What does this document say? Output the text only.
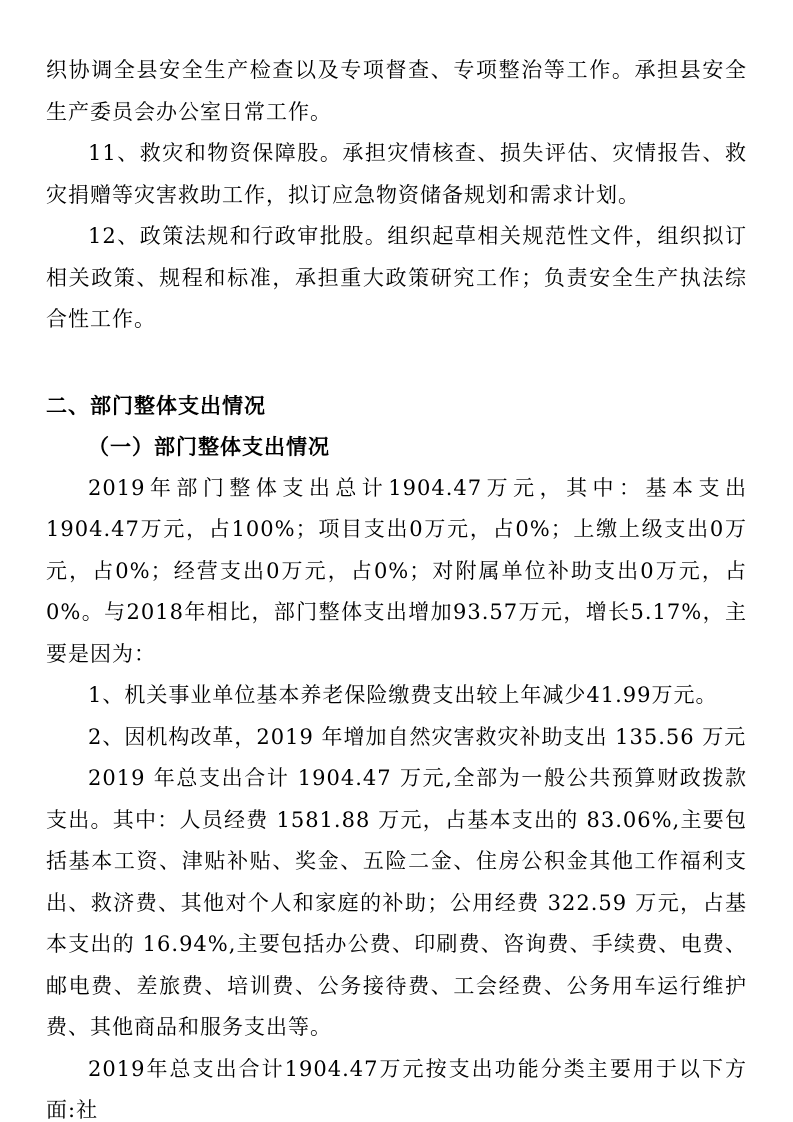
织协调全县安全生产检查以及专项督查、专项整治等工作。承担县安全生产委员会办公室日常工作。

11、救灾和物资保障股。承担灾情核查、损失评估、灾情报告、救灾捐赠等灾害救助工作，拟订应急物资储备规划和需求计划。

12、政策法规和行政审批股。组织起草相关规范性文件，组织拟订相关政策、规程和标准，承担重大政策研究工作；负责安全生产执法综合性工作。

二、部门整体支出情况

（一）部门整体支出情况

2019年部门整体支出总计1904.47万元，其中：基本支出1904.47万元，占100%；项目支出0万元，占0%；上缴上级支出0万元，占0%；经营支出0万元，占0%；对附属单位补助支出0万元，占0%。与2018年相比，部门整体支出增加93.57万元，增长5.17%，主要是因为：

1、机关事业单位基本养老保险缴费支出较上年减少41.99万元。

2、因机构改革，2019 年增加自然灾害救灾补助支出 135.56 万元

2019 年总支出合计 1904.47 万元,全部为一般公共预算财政拨款支出。其中：人员经费 1581.88 万元，占基本支出的 83.06%,主要包括基本工资、津贴补贴、奖金、五险二金、住房公积金其他工作福利支出、救济费、其他对个人和家庭的补助；公用经费 322.59 万元，占基本支出的 16.94%,主要包括办公费、印刷费、咨询费、手续费、电费、邮电费、差旅费、培训费、公务接待费、工会经费、公务用车运行维护费、其他商品和服务支出等。

2019年总支出合计1904.47万元按支出功能分类主要用于以下方面:社
